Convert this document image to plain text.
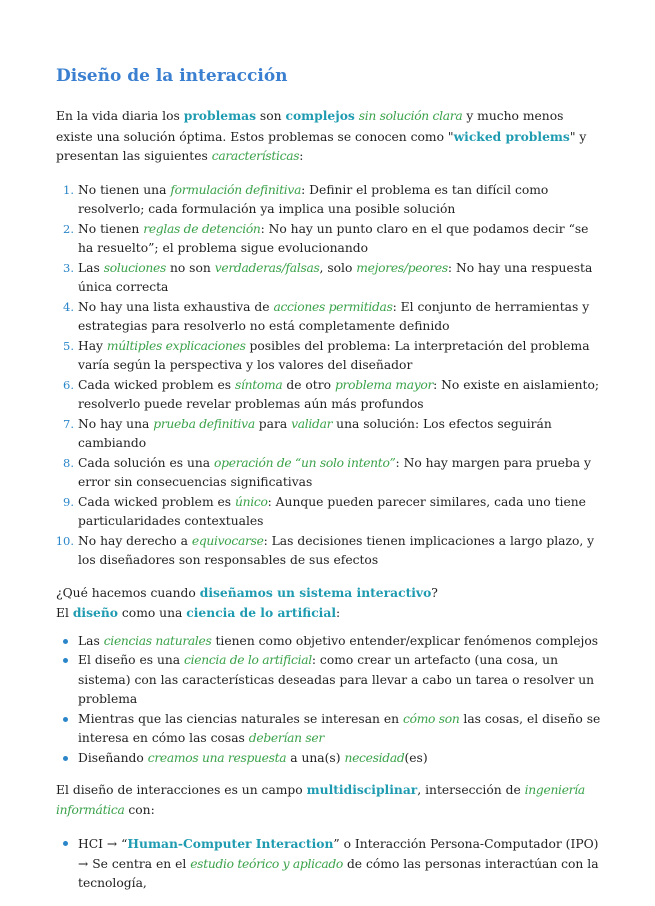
Diseño de la interacción

En la vida diaria los problemas son complejos sin solución clara y mucho menos existe una solución óptima. Estos problemas se conocen como "wicked problems" y presentan las siguientes características:

1. No tienen una formulación definitiva: Definir el problema es tan difícil como resolverlo; cada formulación ya implica una posible solución
2. No tienen reglas de detención: No hay un punto claro en el que podamos decir “se ha resuelto”; el problema sigue evolucionando
3. Las soluciones no son verdaderas/falsas, solo mejores/peores: No hay una respuesta única correcta
4. No hay una lista exhaustiva de acciones permitidas: El conjunto de herramientas y estrategias para resolverlo no está completamente definido
5. Hay múltiples explicaciones posibles del problema: La interpretación del problema varía según la perspectiva y los valores del diseñador
6. Cada wicked problem es síntoma de otro problema mayor: No existe en aislamiento; resolverlo puede revelar problemas aún más profundos
7. No hay una prueba definitiva para validar una solución: Los efectos seguirán cambiando
8. Cada solución es una operación de “un solo intento”: No hay margen para prueba y error sin consecuencias significativas
9. Cada wicked problem es único: Aunque pueden parecer similares, cada uno tiene particularidades contextuales
10. No hay derecho a equivocarse: Las decisiones tienen implicaciones a largo plazo, y los diseñadores son responsables de sus efectos

¿Qué hacemos cuando diseñamos un sistema interactivo?
El diseño como una ciencia de lo artificial:

Las ciencias naturales tienen como objetivo entender/explicar fenómenos complejos
El diseño es una ciencia de lo artificial: como crear un artefacto (una cosa, un sistema) con las características deseadas para llevar a cabo un tarea o resolver un problema
Mientras que las ciencias naturales se interesan en cómo son las cosas, el diseño se interesa en cómo las cosas deberían ser
Diseñando creamos una respuesta a una(s) necesidad(es)

El diseño de interacciones es un campo multidisciplinar, intersección de ingeniería informática con:

HCI → “Human-Computer Interaction” o Interacción Persona-Computador (IPO) → Se centra en el estudio teórico y aplicado de cómo las personas interactúan con la tecnología,
